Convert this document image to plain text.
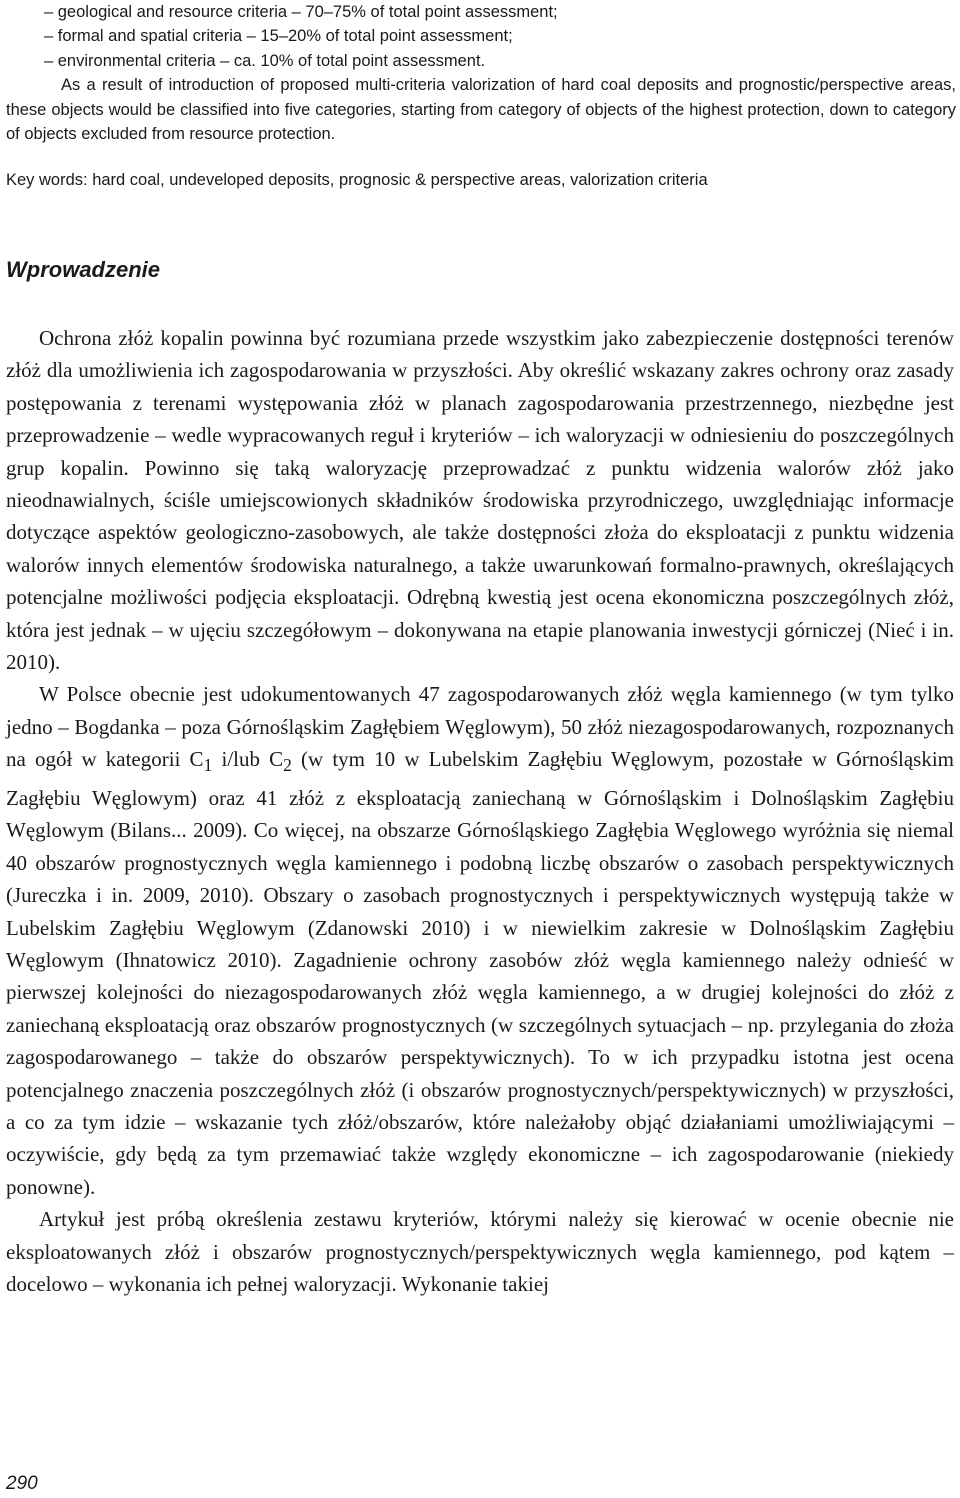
– geological and resource criteria – 70–75% of total point assessment;
– formal and spatial criteria – 15–20% of total point assessment;
– environmental criteria – ca. 10% of total point assessment.

As a result of introduction of proposed multi-criteria valorization of hard coal deposits and prognostic/perspective areas, these objects would be classified into five categories, starting from category of objects of the highest protection, down to category of objects excluded from resource protection.

Key words: hard coal, undeveloped deposits, prognosic & perspective areas, valorization criteria
Wprowadzenie

Ochrona złóż kopalin powinna być rozumiana przede wszystkim jako zabezpieczenie dostępności terenów złóż dla umożliwienia ich zagospodarowania w przyszłości. Aby określić wskazany zakres ochrony oraz zasady postępowania z terenami występowania złóż w planach zagospodarowania przestrzennego, niezbędne jest przeprowadzenie – wedle wypracowanych reguł i kryteriów – ich waloryzacji w odniesieniu do poszczególnych grup kopalin. Powinno się taką waloryzację przeprowadzać z punktu widzenia walorów złóż jako nieodnawialnych, ściśle umiejscowionych składników środowiska przyrodniczego, uwzględniając informacje dotyczące aspektów geologiczno-zasobowych, ale także dostępności złoża do eksploatacji z punktu widzenia walorów innych elementów środowiska naturalnego, a także uwarunkowań formalno-prawnych, określających potencjalne możliwości podjęcia eksploatacji. Odrębną kwestią jest ocena ekonomiczna poszczególnych złóż, która jest jednak – w ujęciu szczegółowym – dokonywana na etapie planowania inwestycji górniczej (Nieć i in. 2010).

W Polsce obecnie jest udokumentowanych 47 zagospodarowanych złóż węgla kamiennego (w tym tylko jedno – Bogdanka – poza Górnośląskim Zagłębiem Węglowym), 50 złóż niezagospodarowanych, rozpoznanych na ogół w kategorii $C_1$ i/lub $C_2$ (w tym 10 w Lubelskim Zagłębiu Węglowym, pozostałe w Górnośląskim Zagłębiu Węglowym) oraz 41 złóż z eksploatacją zaniechaną w Górnośląskim i Dolnośląskim Zagłębiu Węglowym (Bilans... 2009). Co więcej, na obszarze Górnośląskiego Zagłębia Węglowego wyróżnia się niemal 40 obszarów prognostycznych węgla kamiennego i podobną liczbę obszarów o zasobach perspektywicznych (Jureczka i in. 2009, 2010). Obszary o zasobach prognostycznych i perspektywicznych występują także w Lubelskim Zagłębiu Węglowym (Zdanowski 2010) i w niewielkim zakresie w Dolnośląskim Zagłębiu Węglowym (Ihnatowicz 2010). Zagadnienie ochrony zasobów złóż węgla kamiennego należy odnieść w pierwszej kolejności do niezagospodarowanych złóż węgla kamiennego, a w drugiej kolejności do złóż z zaniechaną eksploatacją oraz obszarów prognostycznych (w szczególnych sytuacjach – np. przylegania do złoża zagospodarowanego – także do obszarów perspektywicznych). To w ich przypadku istotna jest ocena potencjalnego znaczenia poszczególnych złóż (i obszarów prognostycznych/perspektywicznych) w przyszłości, a co za tym idzie – wskazanie tych złóż/obszarów, które należałoby objąć działaniami umożliwiającymi – oczywiście, gdy będą za tym przemawiać także względy ekonomiczne – ich zagospodarowanie (niekiedy ponowne).

Artykuł jest próbą określenia zestawu kryteriów, którymi należy się kierować w ocenie obecnie nie eksploatowanych złóż i obszarów prognostycznych/perspektywicznych węgla kamiennego, pod kątem – docelowo – wykonania ich pełnej waloryzacji. Wykonanie takiej

290
